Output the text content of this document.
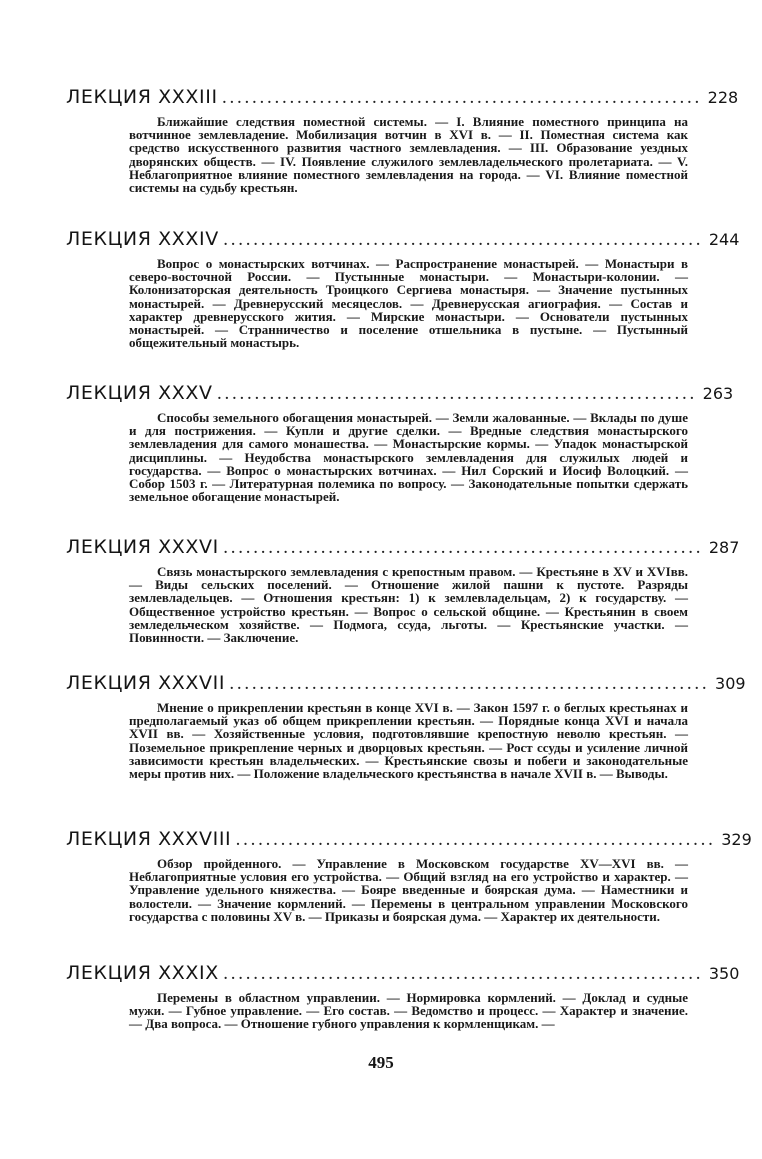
ЛЕКЦИЯ XXXIII ................................................................ 228
Ближайшие следствия поместной системы. — I. Влияние поместного принципа на вотчинное землевладение. Мобилизация вотчин в XVI в. — II. Поместная система как средство искусственного развития частного землевладения. — III. Образование уездных дворянских обществ. — IV. Появление служилого землевладельческого пролетариата. — V. Неблагоприятное влияние поместного землевладения на города. — VI. Влияние поместной системы на судьбу крестьян.
ЛЕКЦИЯ XXXIV ................................................................ 244
Вопрос о монастырских вотчинах. — Распространение монастырей. — Монастыри в северо-восточной России. — Пустынные монастыри. — Монастыри-колонии. — Колонизаторская деятельность Троицкого Сергиева монастыря. — Значение пустынных монастырей. — Древнерусский месяцеслов. — Древнерусская агиография. — Состав и характер древнерусского жития. — Мирские монастыри. — Основатели пустынных монастырей. — Странничество и поселение отшельника в пустыне. — Пустынный общежительный монастырь.
ЛЕКЦИЯ XXXV ................................................................ 263
Способы земельного обогащения монастырей. — Земли жалованные. — Вклады по душе и для пострижения. — Купли и другие сделки. — Вредные следствия монастырского землевладения для самого монашества. — Монастырские кормы. — Упадок монастырской дисциплины. — Неудобства монастырского землевладения для служилых людей и государства. — Вопрос о монастырских вотчинах. — Нил Сорский и Иосиф Волоцкий. — Собор 1503 г. — Литературная полемика по вопросу. — Законодательные попытки сдержать земельное обогащение монастырей.
ЛЕКЦИЯ XXXVI ................................................................ 287
Связь монастырского землевладения с крепостным правом. — Крестьяне в XV и XVIвв. — Виды сельских поселений. — Отношение жилой пашни к пустоте. Разряды землевладельцев. — Отношения крестьян: 1) к землевладельцам, 2) к государству. — Общественное устройство крестьян. — Вопрос о сельской общине. — Крестьянин в своем земледельческом хозяйстве. — Подмога, ссуда, льготы. — Крестьянские участки. — Повинности. — Заключение.
ЛЕКЦИЯ XXXVII ................................................................ 309
Мнение о прикреплении крестьян в конце XVI в. — Закон 1597 г. о беглых крестьянах и предполагаемый указ об общем прикреплении крестьян. — Порядные конца XVI и начала XVII вв. — Хозяйственные условия, подготовлявшие крепостную неволю крестьян. — Поземельное прикрепление черных и дворцовых крестьян. — Рост ссуды и усиление личной зависимости крестьян владельческих. — Крестьянские свозы и побеги и законодательные меры против них. — Положение владельческого крестьянства в начале XVII в. — Выводы.
ЛЕКЦИЯ XXXVIII ................................................................ 329
Обзор пройденного. — Управление в Московском государстве XV—XVI вв. — Неблагоприятные условия его устройства. — Общий взгляд на его устройство и характер. — Управление удельного княжества. — Бояре введенные и боярская дума. — Наместники и волостели. — Значение кормлений. — Перемены в центральном управлении Московского государства с половины XV в. — Приказы и боярская дума. — Характер их деятельности.
ЛЕКЦИЯ XXXIX ................................................................ 350
Перемены в областном управлении. — Нормировка кормлений. — Доклад и судные мужи. — Губное управление. — Его состав. — Ведомство и процесс. — Характер и значение. — Два вопроса. — Отношение губного управления к кормленщикам. —
495
